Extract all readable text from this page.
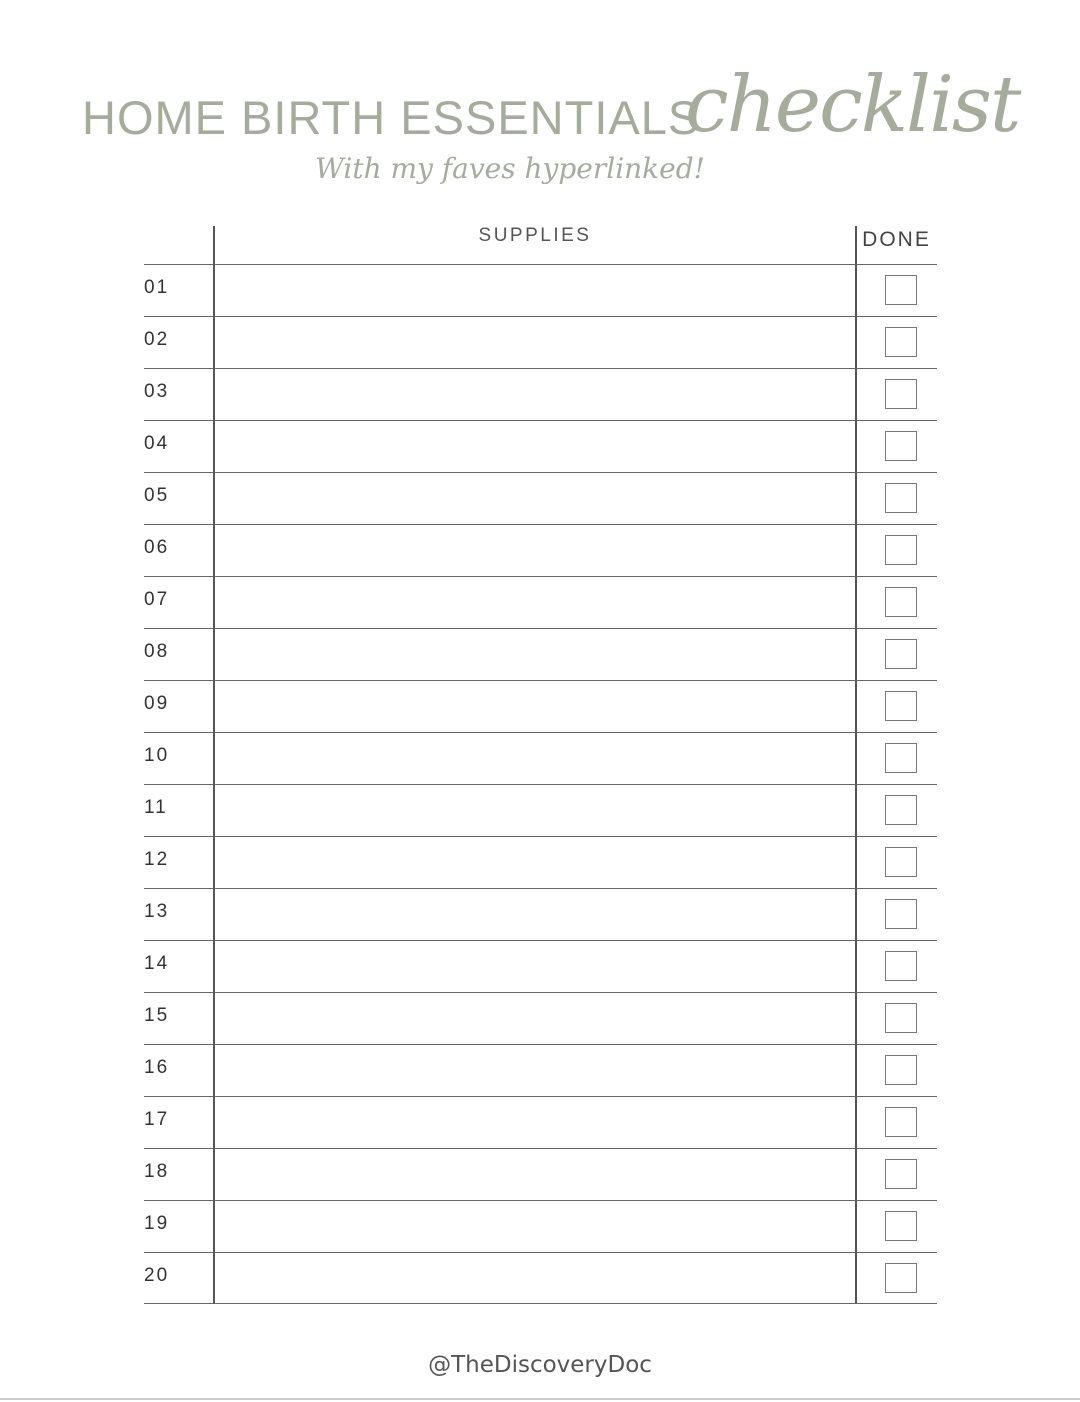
HOME BIRTH ESSENTIALS
checklist
With my faves hyperlinked!
SUPPLIES	DONE
01
02
03
04
05
06
07
08
09
10
11
12
13
14
15
16
17
18
19
20
@TheDiscoveryDoc
